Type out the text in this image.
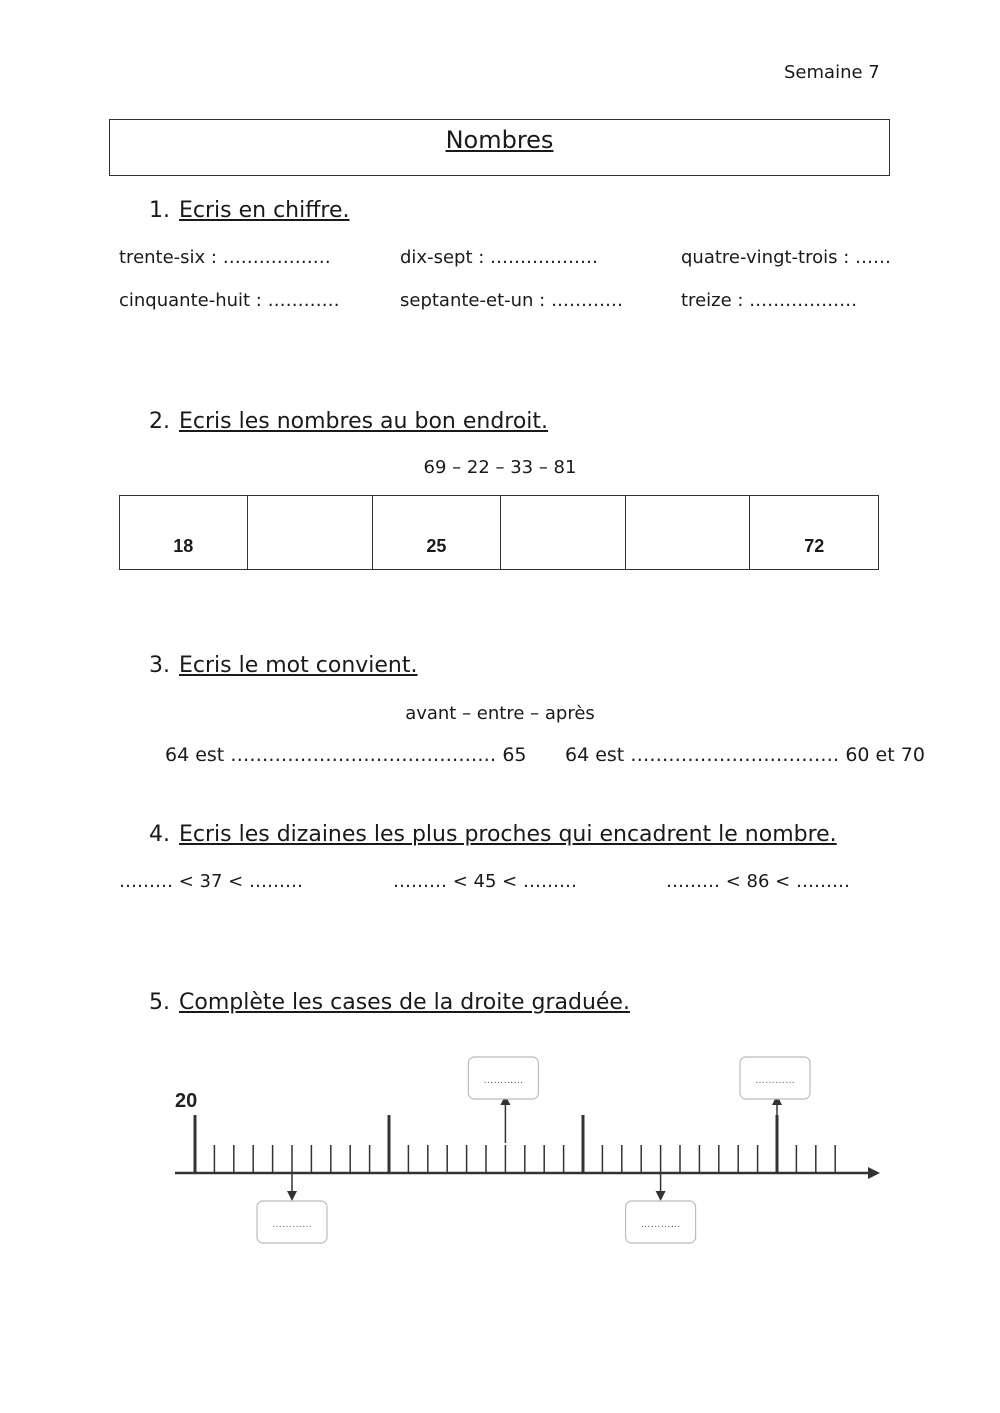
Semaine 7
Nombres
1. Ecris en chiffre.
trente-six : ………………	dix-sept : ………………	quatre-vingt-trois : ……
cinquante-huit : …………	septante-et-un : …………	treize : ………………
2. Ecris les nombres au bon endroit.
69 – 22 – 33 – 81
18		25			72
3. Ecris le mot convient.
avant – entre – après
64 est …………………………………… 65 64 est …………………………… 60 et 70
4. Ecris les dizaines les plus proches qui encadrent le nombre.
……… < 37 < ………	……… < 45 < ………	……… < 86 < ………
5. Complète les cases de la droite graduée.
20
…………
…………
…………
…………
